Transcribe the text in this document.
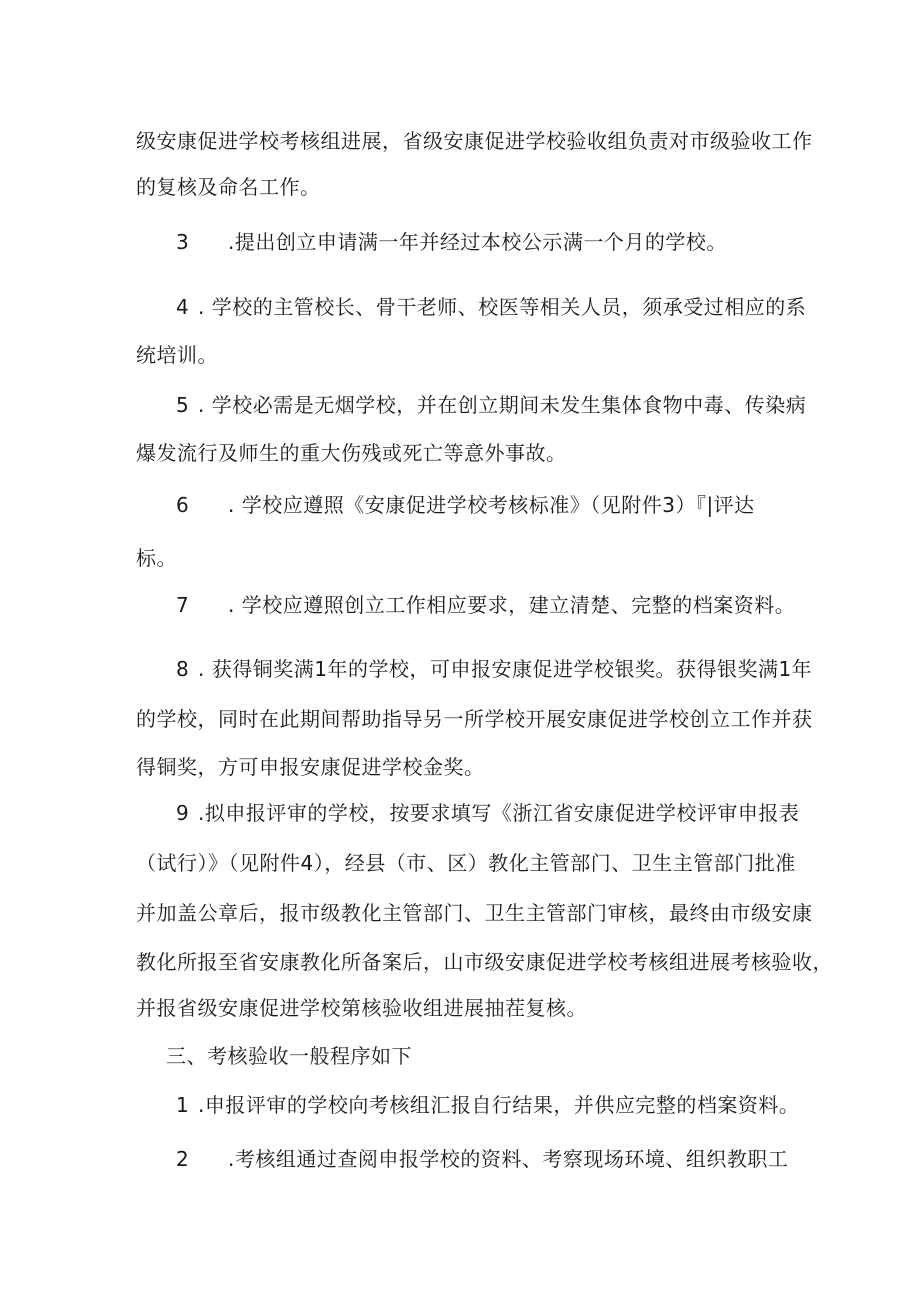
级安康促进学校考核组进展，省级安康促进学校验收组负责对市级验收工作
的复核及命名工作。
3 .提出创立申请满一年并经过本校公示满一个月的学校。
4 . 学校的主管校长、骨干老师、校医等相关人员，须承受过相应的系
统培训。
5 . 学校必需是无烟学校，并在创立期间未发生集体食物中毒、传染病
爆发流行及师生的重大伤残或死亡等意外事故。
6 . 学校应遵照《安康促进学校考核标准》（见附件3）『|评达
标。
7 . 学校应遵照创立工作相应要求，建立清楚、完整的档案资料。
8 . 获得铜奖满1年的学校，可申报安康促进学校银奖。获得银奖满1年
的学校，同时在此期间帮助指导另一所学校开展安康促进学校创立工作并获
得铜奖，方可申报安康促进学校金奖。
9 .拟申报评审的学校，按要求填写《浙江省安康促进学校评审申报表
（试行）》（见附件4），经县（市、区）教化主管部门、卫生主管部门批准
并加盖公章后，报市级教化主管部门、卫生主管部门审核，最终由市级安康
教化所报至省安康教化所备案后，山市级安康促进学校考核组进展考核验收，
并报省级安康促进学校第核验收组进展抽茬复核。
三、考核验收一般程序如下
1 .申报评审的学校向考核组汇报自行结果，并供应完整的档案资料。
2 .考核组通过查阅申报学校的资料、考察现场环境、组织教职工
